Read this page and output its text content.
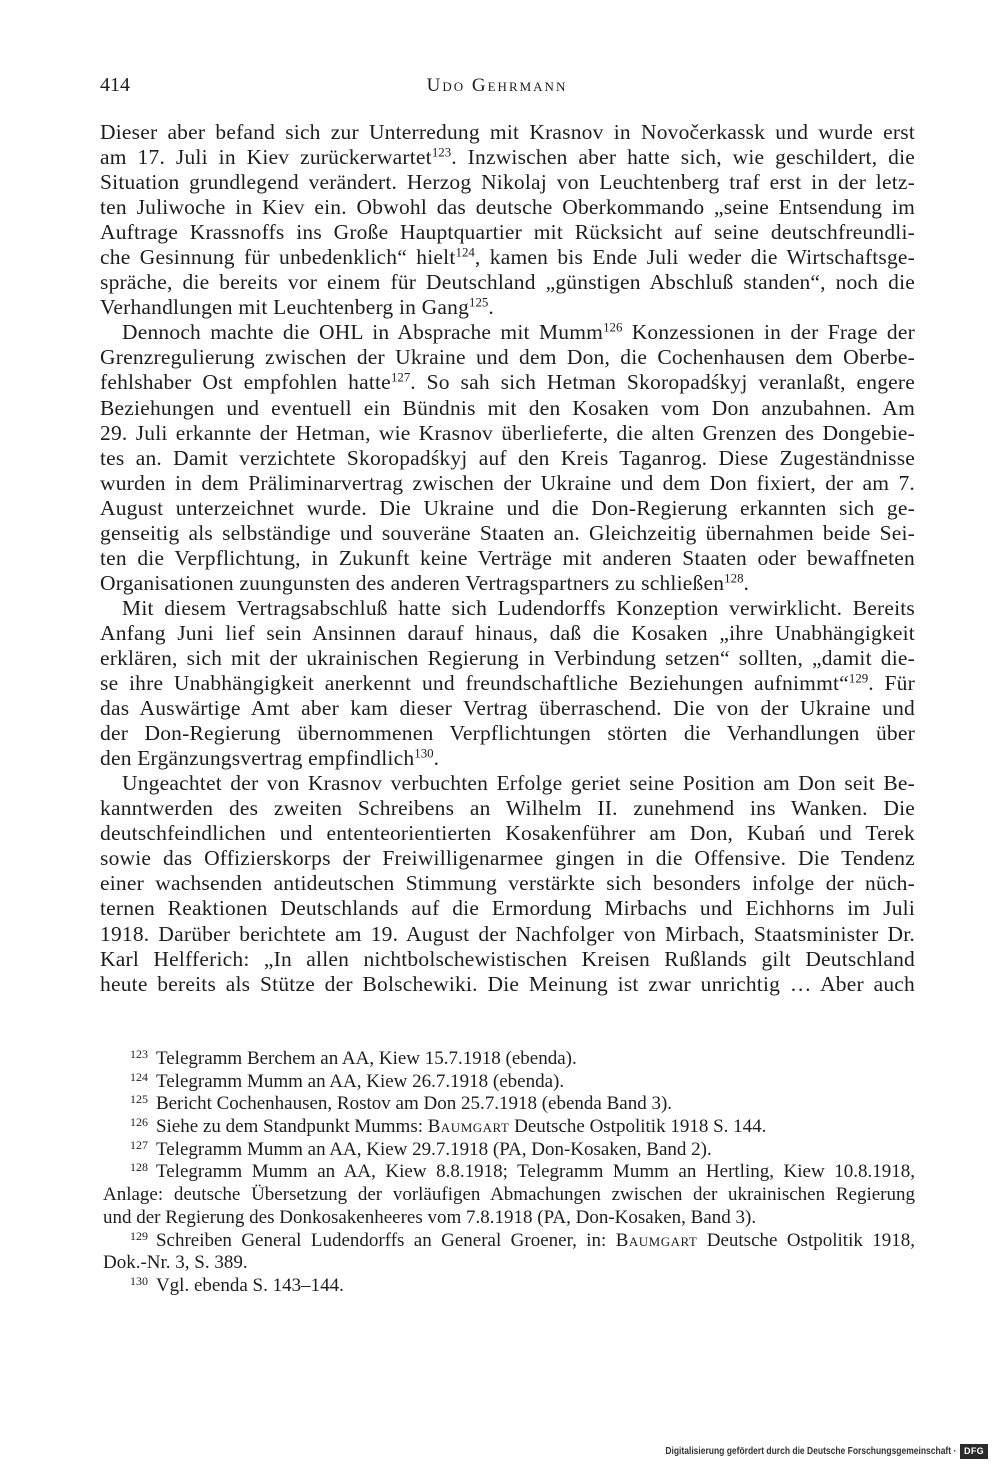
414	Udo Gehrmann
Dieser aber befand sich zur Unterredung mit Krasnov in Novočerkassk und wurde erst
am 17. Juli in Kiev zurückerwartet$^{123}$. Inzwischen aber hatte sich, wie geschildert, die
Situation grundlegend verändert. Herzog Nikolaj von Leuchtenberg traf erst in der letz-
ten Juliwoche in Kiev ein. Obwohl das deutsche Oberkommando „seine Entsendung im
Auftrage Krassnoffs ins Große Hauptquartier mit Rücksicht auf seine deutschfreundli-
che Gesinnung für unbedenklich“ hielt$^{124}$, kamen bis Ende Juli weder die Wirtschaftsge-
spräche, die bereits vor einem für Deutschland „günstigen Abschluß standen“, noch die
Verhandlungen mit Leuchtenberg in Gang$^{125}$.
Dennoch machte die OHL in Absprache mit Mumm$^{126}$ Konzessionen in der Frage der
Grenzregulierung zwischen der Ukraine und dem Don, die Cochenhausen dem Oberbe-
fehlshaber Ost empfohlen hatte$^{127}$. So sah sich Hetman Skoropadśkyj veranlaßt, engere
Beziehungen und eventuell ein Bündnis mit den Kosaken vom Don anzubahnen. Am
29. Juli erkannte der Hetman, wie Krasnov überlieferte, die alten Grenzen des Dongebie-
tes an. Damit verzichtete Skoropadśkyj auf den Kreis Taganrog. Diese Zugeständnisse
wurden in dem Präliminarvertrag zwischen der Ukraine und dem Don fixiert, der am 7.
August unterzeichnet wurde. Die Ukraine und die Don-Regierung erkannten sich ge-
genseitig als selbständige und souveräne Staaten an. Gleichzeitig übernahmen beide Sei-
ten die Verpflichtung, in Zukunft keine Verträge mit anderen Staaten oder bewaffneten
Organisationen zuungunsten des anderen Vertragspartners zu schließen$^{128}$.
Mit diesem Vertragsabschluß hatte sich Ludendorffs Konzeption verwirklicht. Bereits
Anfang Juni lief sein Ansinnen darauf hinaus, daß die Kosaken „ihre Unabhängigkeit
erklären, sich mit der ukrainischen Regierung in Verbindung setzen“ sollten, „damit die-
se ihre Unabhängigkeit anerkennt und freundschaftliche Beziehungen aufnimmt“$^{129}$. Für
das Auswärtige Amt aber kam dieser Vertrag überraschend. Die von der Ukraine und
der Don-Regierung übernommenen Verpflichtungen störten die Verhandlungen über
den Ergänzungsvertrag empfindlich$^{130}$.
Ungeachtet der von Krasnov verbuchten Erfolge geriet seine Position am Don seit Be-
kanntwerden des zweiten Schreibens an Wilhelm II. zunehmend ins Wanken. Die
deutschfeindlichen und ententeorientierten Kosakenführer am Don, Kubań und Terek
sowie das Offizierskorps der Freiwilligenarmee gingen in die Offensive. Die Tendenz
einer wachsenden antideutschen Stimmung verstärkte sich besonders infolge der nüch-
ternen Reaktionen Deutschlands auf die Ermordung Mirbachs und Eichhorns im Juli
1918. Darüber berichtete am 19. August der Nachfolger von Mirbach, Staatsminister Dr.
Karl Helfferich: „In allen nichtbolschewistischen Kreisen Rußlands gilt Deutschland
heute bereits als Stütze der Bolschewiki. Die Meinung ist zwar unrichtig … Aber auch
$^{123}$ Telegramm Berchem an AA, Kiew 15.7.1918 (ebenda).
$^{124}$ Telegramm Mumm an AA, Kiew 26.7.1918 (ebenda).
$^{125}$ Bericht Cochenhausen, Rostov am Don 25.7.1918 (ebenda Band 3).
$^{126}$ Siehe zu dem Standpunkt Mumms: Baumgart Deutsche Ostpolitik 1918 S. 144.
$^{127}$ Telegramm Mumm an AA, Kiew 29.7.1918 (PA, Don-Kosaken, Band 2).
$^{128}$ Telegramm Mumm an AA, Kiew 8.8.1918; Telegramm Mumm an Hertling, Kiew 10.8.1918,
Anlage: deutsche Übersetzung der vorläufigen Abmachungen zwischen der ukrainischen Regierung
und der Regierung des Donkosakenheeres vom 7.8.1918 (PA, Don-Kosaken, Band 3).
$^{129}$ Schreiben General Ludendorffs an General Groener, in: Baumgart Deutsche Ostpolitik 1918,
Dok.-Nr. 3, S. 389.
$^{130}$ Vgl. ebenda S. 143–144.
Digitalisierung gefördert durch die Deutsche Forschungsgemeinschaft · DFG
